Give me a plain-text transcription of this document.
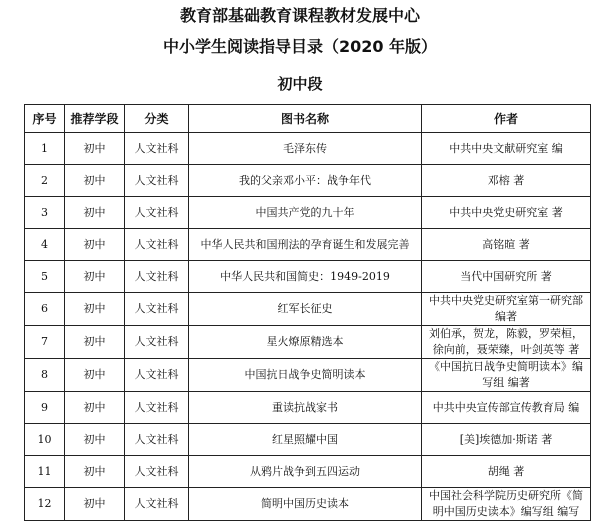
教育部基础教育课程教材发展中心
中小学生阅读指导目录（2020 年版）
初中段
序号	推荐学段	分类	图书名称	作者
1	初中	人文社科	毛泽东传	中共中央文献研究室 编
2	初中	人文社科	我的父亲邓小平：战争年代	邓榕 著
3	初中	人文社科	中国共产党的九十年	中共中央党史研究室 著
4	初中	人文社科	中华人民共和国刑法的孕育诞生和发展完善	高铭暄 著
5	初中	人文社科	中华人民共和国简史：1949-2019	当代中国研究所 著
6	初中	人文社科	红军长征史	中共中央党史研究室第一研究部 编著
7	初中	人文社科	星火燎原精选本	刘伯承，贺龙，陈毅，罗荣桓，徐向前，聂荣臻，叶剑英等 著
8	初中	人文社科	中国抗日战争史简明读本	《中国抗日战争史简明读本》编写组 编著
9	初中	人文社科	重读抗战家书	中共中央宣传部宣传教育局 编
10	初中	人文社科	红星照耀中国	[美]埃德加·斯诺 著
11	初中	人文社科	从鸦片战争到五四运动	胡绳 著
12	初中	人文社科	简明中国历史读本	中国社会科学院历史研究所《简明中国历史读本》编写组 编写
